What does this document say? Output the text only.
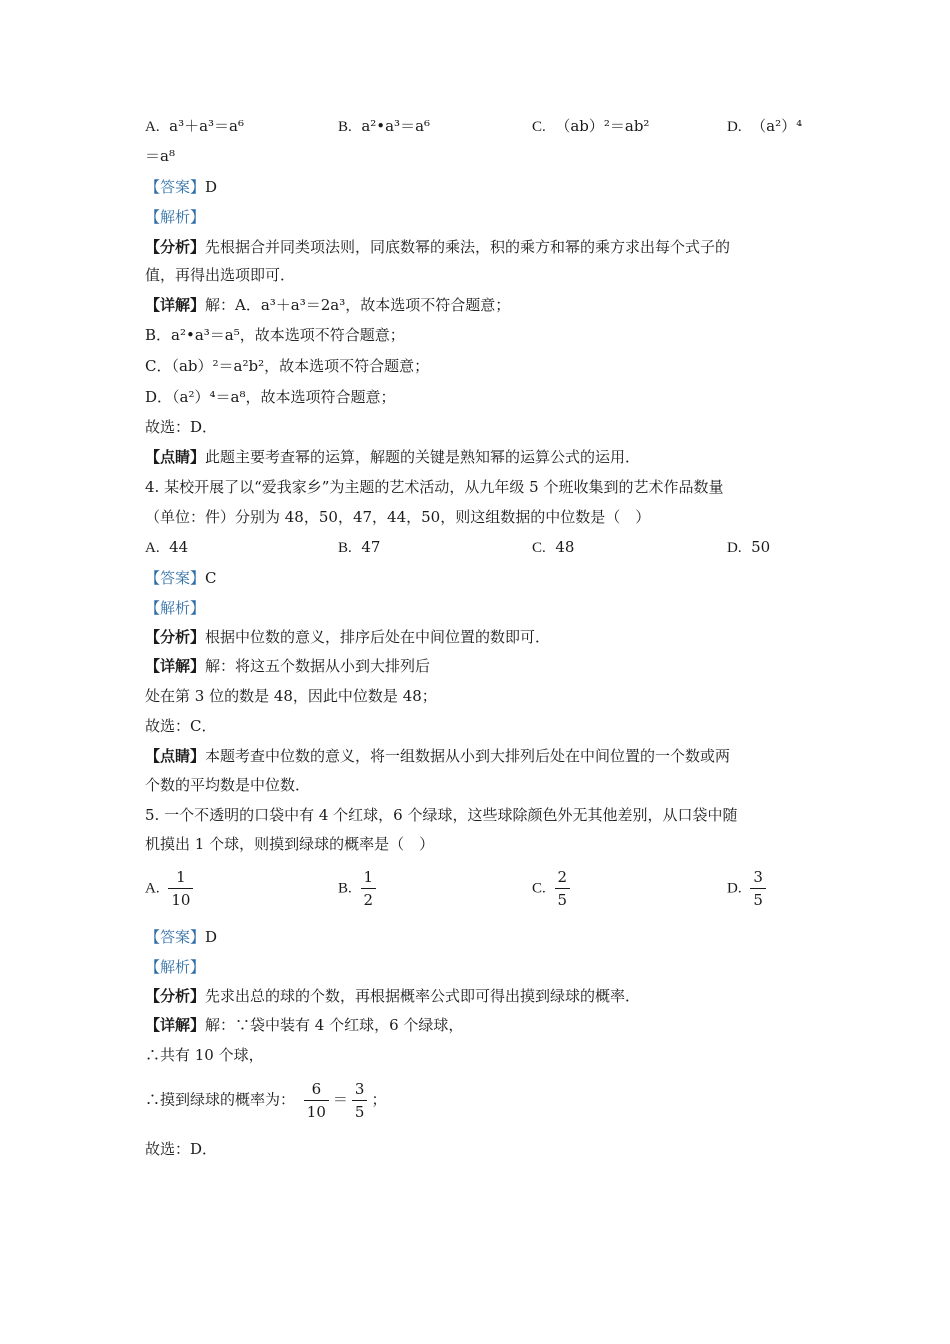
A. a³＋a³＝a⁶	B. a²•a³＝a⁶	C. （ab）²＝ab²	D. （a²）⁴
＝a⁸
【答案】D
【解析】
【分析】先根据合并同类项法则，同底数幂的乘法，积的乘方和幂的乘方求出每个式子的
值，再得出选项即可．
【详解】解：A．a³＋a³＝2a³，故本选项不符合题意；
B．a²•a³＝a⁵，故本选项不符合题意；
C．（ab）²＝a²b²，故本选项不符合题意；
D．（a²）⁴＝a⁸，故本选项符合题意；
故选：D．
【点睛】此题主要考查幂的运算，解题的关键是熟知幂的运算公式的运用．
4. 某校开展了以“爱我家乡”为主题的艺术活动，从九年级 5 个班收集到的艺术作品数量
（单位：件）分别为 48，50，47，44，50，则这组数据的中位数是（　）
A. 44	B. 47	C. 48	D. 50
【答案】C
【解析】
【分析】根据中位数的意义，排序后处在中间位置的数即可．
【详解】解：将这五个数据从小到大排列后
处在第 3 位的数是 48，因此中位数是 48；
故选：C．
【点睛】本题考查中位数的意义，将一组数据从小到大排列后处在中间位置的一个数或两
个数的平均数是中位数．
5. 一个不透明的口袋中有 4 个红球，6 个绿球，这些球除颜色外无其他差别，从口袋中随
机摸出 1 个球，则摸到绿球的概率是（　）
A. $\frac{1}{10}$	B. $\frac{1}{2}$	C. $\frac{2}{5}$	D. $\frac{3}{5}$
【答案】D
【解析】
【分析】先求出总的球的个数，再根据概率公式即可得出摸到绿球的概率．
【详解】解：∵袋中装有 4 个红球，6 个绿球，
∴共有 10 个球，
∴摸到绿球的概率为： $\frac{6}{10} = \frac{3}{5}$ ；
故选：D．
